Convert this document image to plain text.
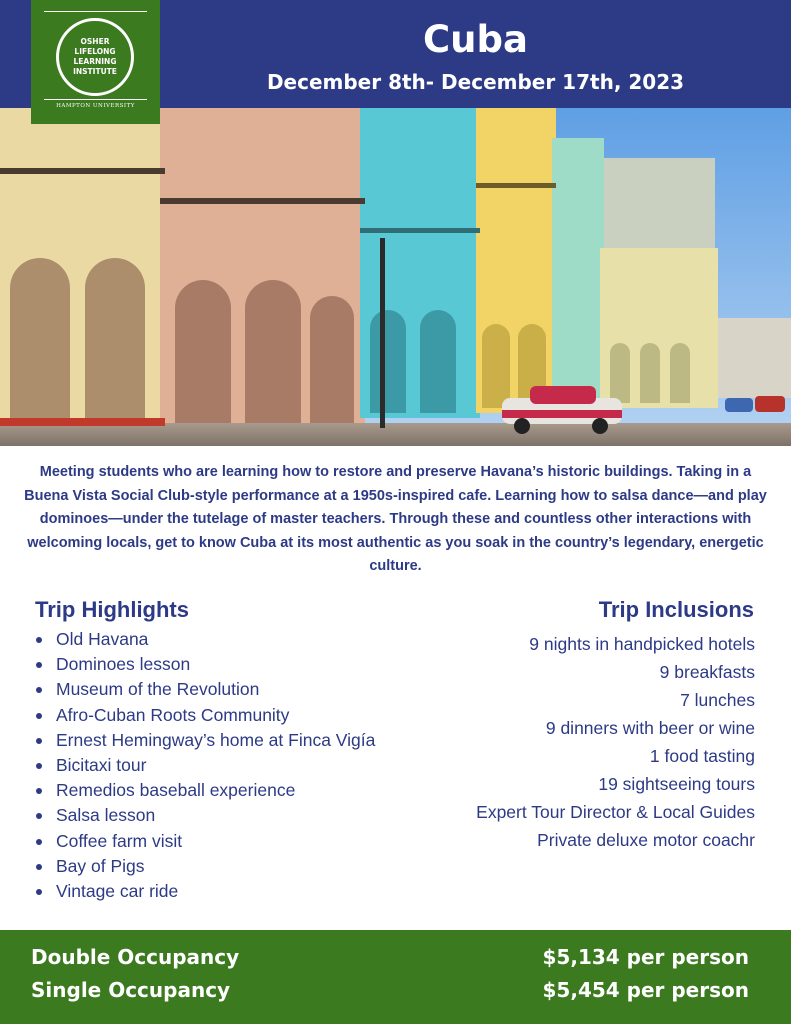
Cuba
December 8th- December 17th, 2023
OSHER LIFELONG LEARNING INSTITUTE
HAMPTON UNIVERSITY
Meeting students who are learning how to restore and preserve Havana’s historic buildings. Taking in a Buena Vista Social Club-style performance at a 1950s-inspired cafe. Learning how to salsa dance—and play dominoes—under the tutelage of master teachers. Through these and countless other interactions with welcoming locals, get to know Cuba at its most authentic as you soak in the country’s legendary, energetic culture.
Trip Highlights
Old Havana
Dominoes lesson
Museum of the Revolution
Afro-Cuban Roots Community
Ernest Hemingway’s home at Finca Vigía
Bicitaxi tour
Remedios baseball experience
Salsa lesson
Coffee farm visit
Bay of Pigs
Vintage car ride
Trip Inclusions
9 nights in handpicked hotels
9 breakfasts
7 lunches
9 dinners with beer or wine
1 food tasting
19 sightseeing tours
Expert Tour Director & Local Guides
Private deluxe motor coachr
Double Occupancy	$5,134 per person
Single Occupancy	$5,454 per person
